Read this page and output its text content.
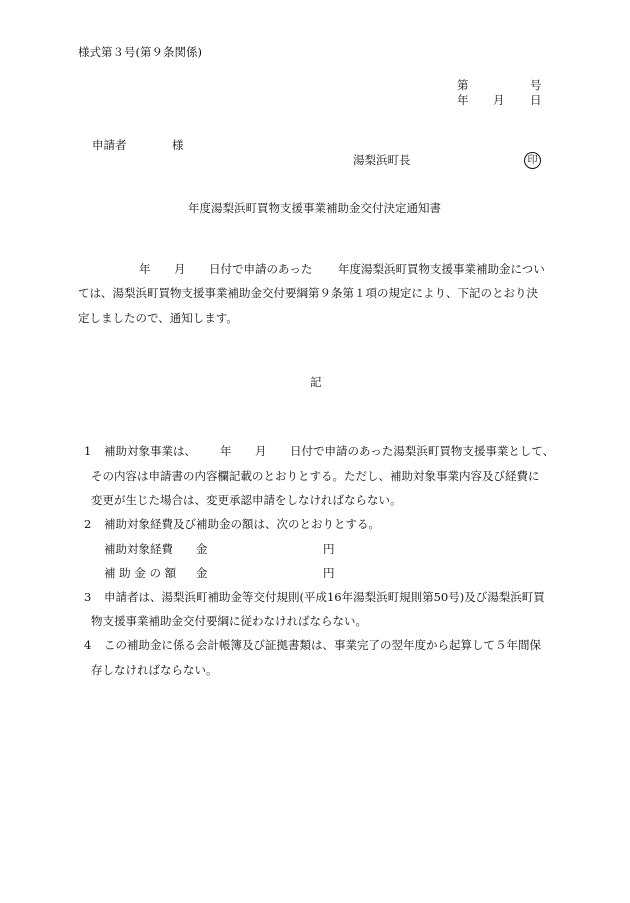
様式第３号(第９条関係)
第	号
年 月 日
申請者	様
湯梨浜町長	印
年度湯梨浜町買物支援事業補助金交付決定通知書
年 月 日付で申請のあった 年度湯梨浜町買物支援事業補助金につい
ては、湯梨浜町買物支援事業補助金交付要綱第９条第１項の規定により、下記のとおり決
定しましたので、通知します。
記
1 補助対象事業は、 年 月 日付で申請のあった湯梨浜町買物支援事業として、
その内容は申請書の内容欄記載のとおりとする。ただし、補助対象事業内容及び経費に
変更が生じた場合は、変更承認申請をしなければならない。
2 補助対象経費及び補助金の額は、次のとおりとする。
補助対象経費 金	円
補 助 金 の 額 金	円
3 申請者は、湯梨浜町補助金等交付規則(平成16年湯梨浜町規則第50号)及び湯梨浜町買
物支援事業補助金交付要綱に従わなければならない。
4 この補助金に係る会計帳簿及び証拠書類は、事業完了の翌年度から起算して５年間保
存しなければならない。
